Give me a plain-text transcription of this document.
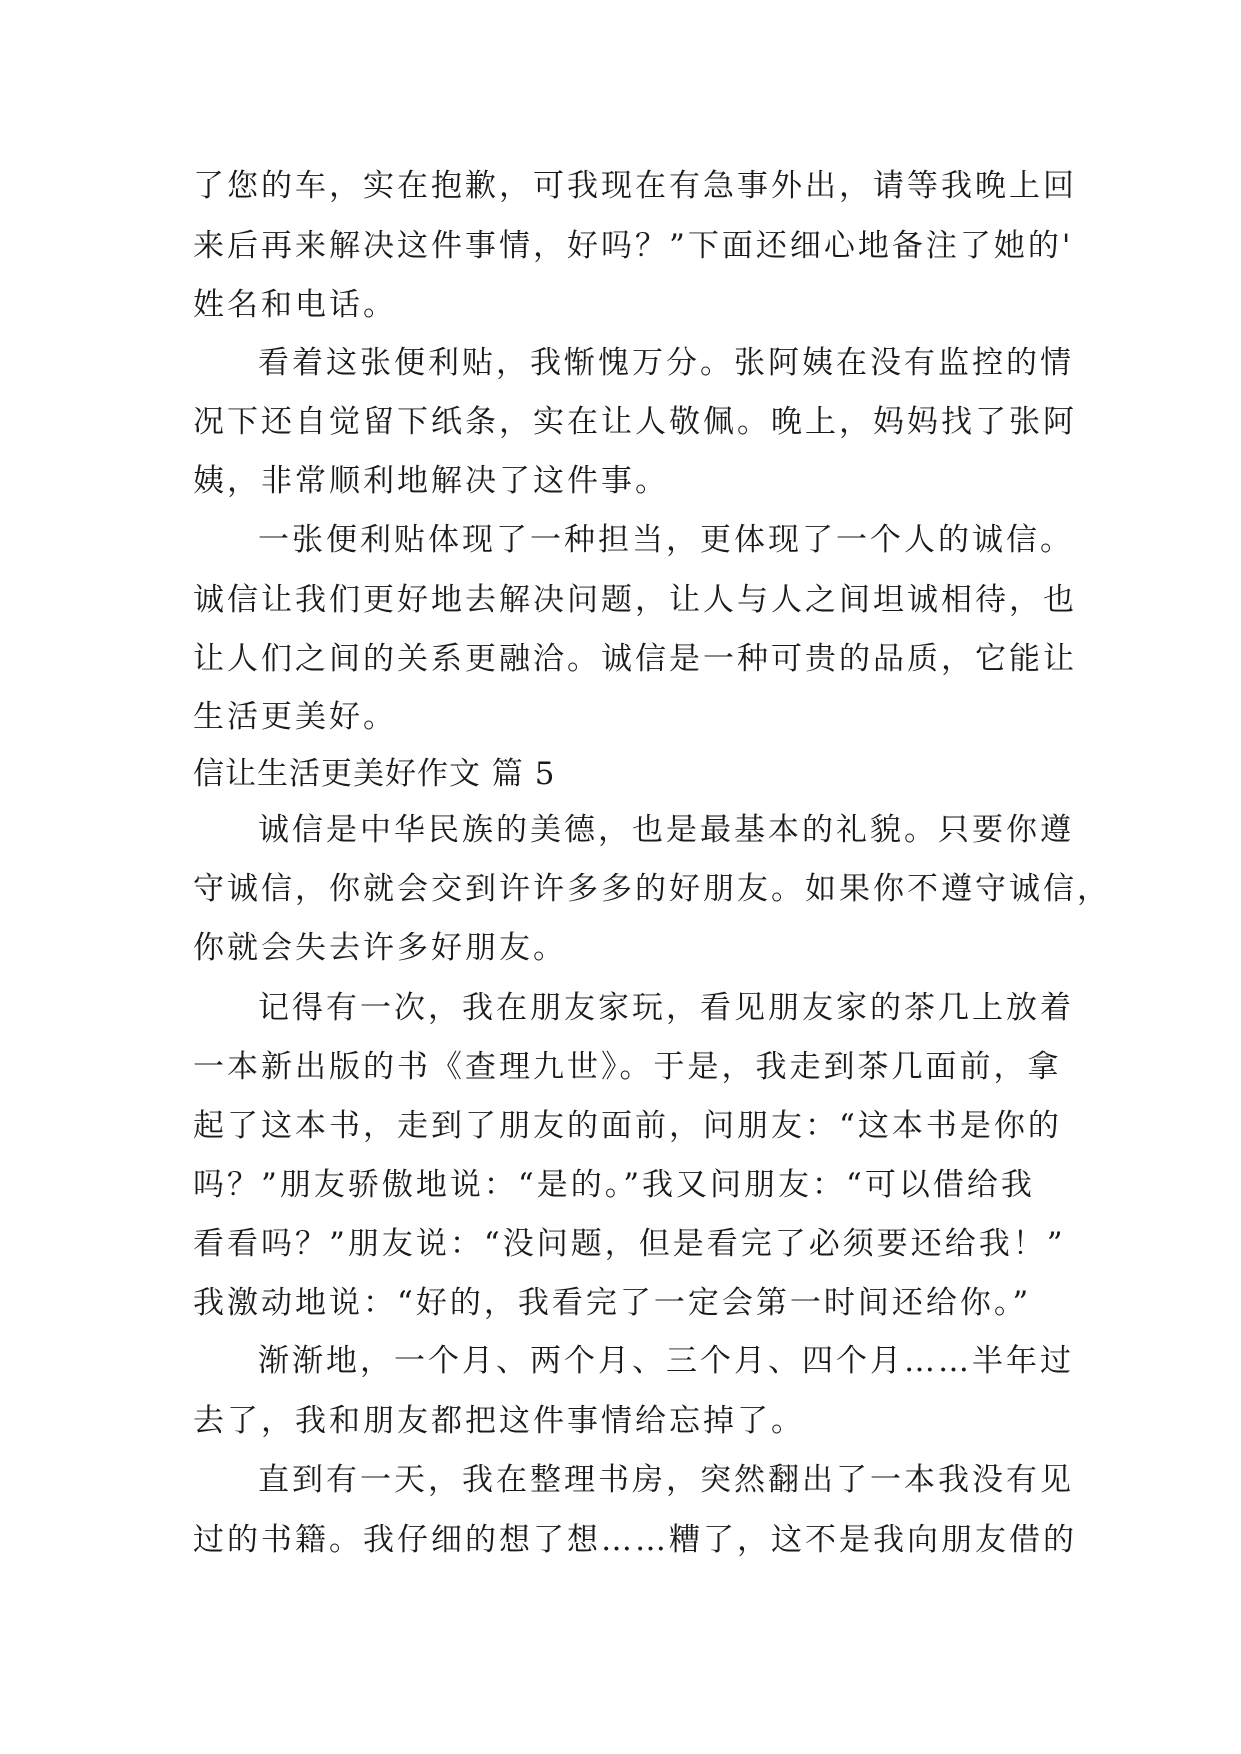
了您的车，实在抱歉，可我现在有急事外出，请等我晚上回
来后再来解决这件事情，好吗？”下面还细心地备注了她的'
姓名和电话。
看着这张便利贴，我惭愧万分。张阿姨在没有监控的情
况下还自觉留下纸条，实在让人敬佩。晚上，妈妈找了张阿
姨，非常顺利地解决了这件事。
一张便利贴体现了一种担当，更体现了一个人的诚信。
诚信让我们更好地去解决问题，让人与人之间坦诚相待，也
让人们之间的关系更融洽。诚信是一种可贵的品质，它能让
生活更美好。
信让生活更美好作文 篇 5
诚信是中华民族的美德，也是最基本的礼貌。只要你遵
守诚信，你就会交到许许多多的好朋友。如果你不遵守诚信，
你就会失去许多好朋友。
记得有一次，我在朋友家玩，看见朋友家的茶几上放着
一本新出版的书《查理九世》。于是，我走到茶几面前，拿
起了这本书，走到了朋友的面前，问朋友：“这本书是你的
吗？”朋友骄傲地说：“是的。”我又问朋友：“可以借给我
看看吗？”朋友说：“没问题，但是看完了必须要还给我！”
我激动地说：“好的，我看完了一定会第一时间还给你。”
渐渐地，一个月、两个月、三个月、四个月……半年过
去了，我和朋友都把这件事情给忘掉了。
直到有一天，我在整理书房，突然翻出了一本我没有见
过的书籍。我仔细的想了想……糟了，这不是我向朋友借的
